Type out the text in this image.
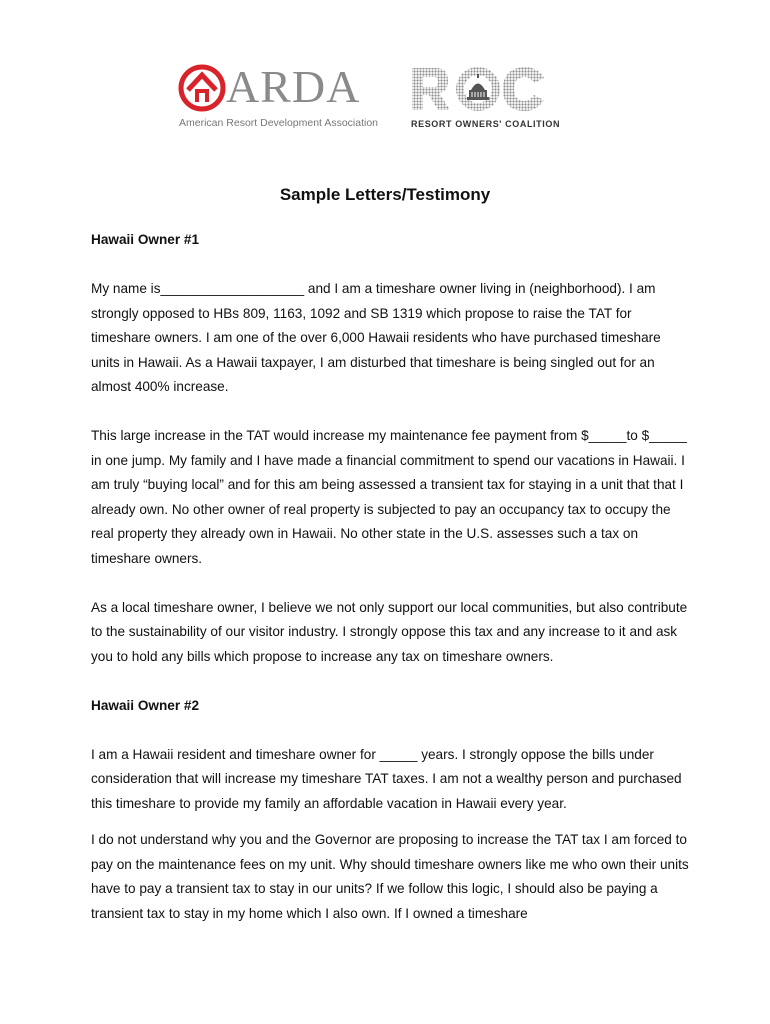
ARDA
American Resort Development Association	RESORT OWNERS' COALITION
Sample Letters/Testimony
Hawaii Owner #1

My name is___________________ and I am a timeshare owner living in (neighborhood). I am strongly opposed to HBs 809, 1163, 1092 and SB 1319 which propose to raise the TAT for timeshare owners. I am one of the over 6,000 Hawaii residents who have purchased timeshare units in Hawaii. As a Hawaii taxpayer, I am disturbed that timeshare is being singled out for an almost 400% increase.

This large increase in the TAT would increase my maintenance fee payment from $_____to $_____ in one jump. My family and I have made a financial commitment to spend our vacations in Hawaii. I am truly “buying local” and for this am being assessed a transient tax for staying in a unit that that I already own. No other owner of real property is subjected to pay an occupancy tax to occupy the real property they already own in Hawaii. No other state in the U.S. assesses such a tax on timeshare owners.

As a local timeshare owner, I believe we not only support our local communities, but also contribute to the sustainability of our visitor industry. I strongly oppose this tax and any increase to it and ask you to hold any bills which propose to increase any tax on timeshare owners.

Hawaii Owner #2

I am a Hawaii resident and timeshare owner for _____ years. I strongly oppose the bills under consideration that will increase my timeshare TAT taxes. I am not a wealthy person and purchased this timeshare to provide my family an affordable vacation in Hawaii every year.

I do not understand why you and the Governor are proposing to increase the TAT tax I am forced to pay on the maintenance fees on my unit. Why should timeshare owners like me who own their units have to pay a transient tax to stay in our units? If we follow this logic, I should also be paying a transient tax to stay in my home which I also own. If I owned a timeshare
